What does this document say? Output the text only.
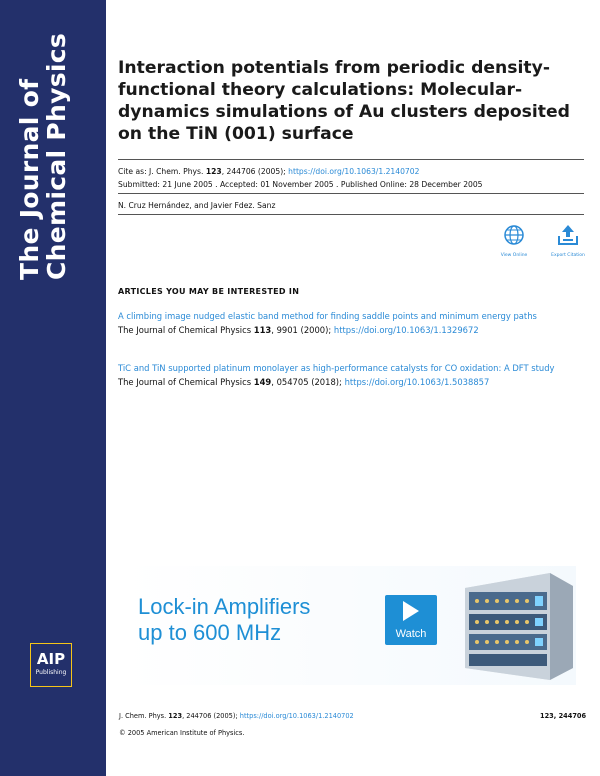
The Journal of
Chemical Physics
AIP
Publishing
Interaction potentials from periodic density-functional theory calculations: Molecular-dynamics simulations of Au clusters deposited on the TiN (001) surface
Cite as: J. Chem. Phys. 123, 244706 (2005); https://doi.org/10.1063/1.2140702
Submitted: 21 June 2005 . Accepted: 01 November 2005 . Published Online: 28 December 2005
N. Cruz Hernández, and Javier Fdez. Sanz
View Online	Export Citation
ARTICLES YOU MAY BE INTERESTED IN
A climbing image nudged elastic band method for finding saddle points and minimum energy paths
The Journal of Chemical Physics 113, 9901 (2000); https://doi.org/10.1063/1.1329672
TiC and TiN supported platinum monolayer as high-performance catalysts for CO oxidation: A DFT study
The Journal of Chemical Physics 149, 054705 (2018); https://doi.org/10.1063/1.5038857
Lock-in Amplifiers
up to 600 MHz	Watch
J. Chem. Phys. 123, 244706 (2005); https://doi.org/10.1063/1.2140702	123, 244706
© 2005 American Institute of Physics.
